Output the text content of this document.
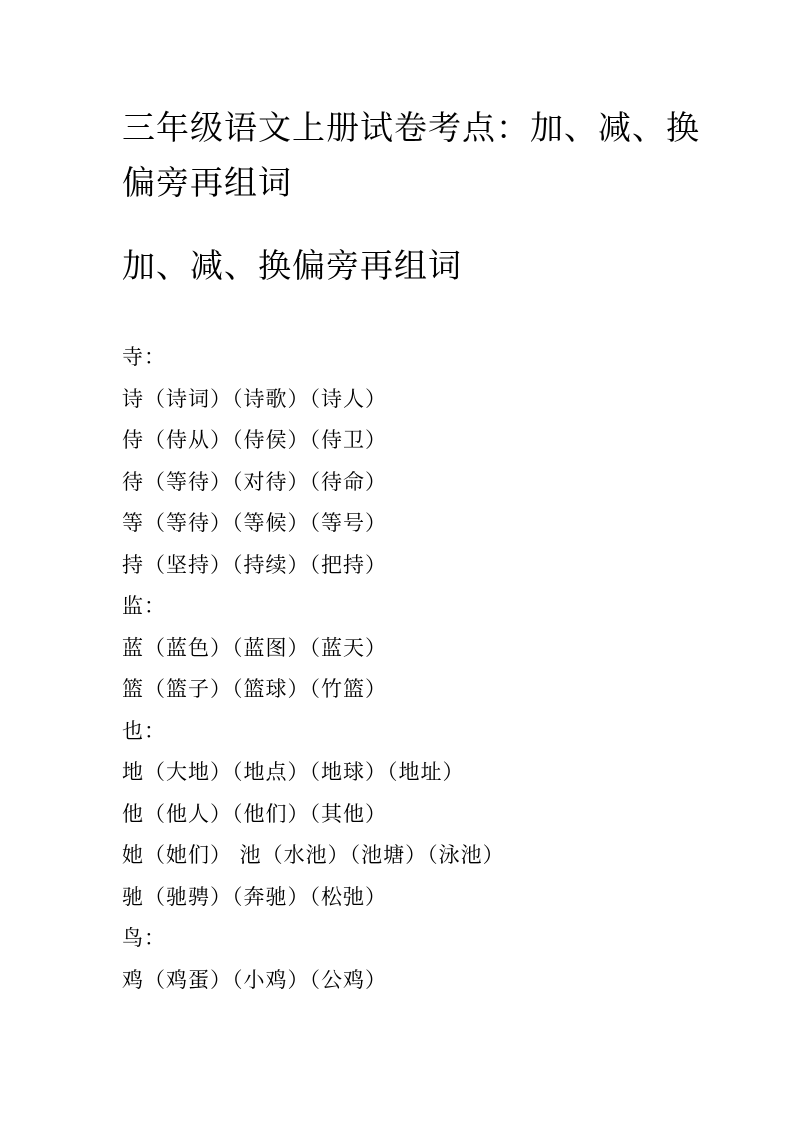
三年级语文上册试卷考点：加、减、换偏旁再组词
加、减、换偏旁再组词
寺：
诗（诗词）（诗歌）（诗人）
侍（侍从）（侍侯）（侍卫）
待（等待）（对待）（待命）
等（等待）（等候）（等号）
持（坚持）（持续）（把持）
监：
蓝（蓝色）（蓝图）（蓝天）
篮（篮子）（篮球）（竹篮）
也：
地（大地）（地点）（地球）（地址）
他（他人）（他们）（其他）
她（她们） 池（水池）（池塘）（泳池）
驰（驰骋）（奔驰）（松弛）
鸟：
鸡（鸡蛋）（小鸡）（公鸡）
